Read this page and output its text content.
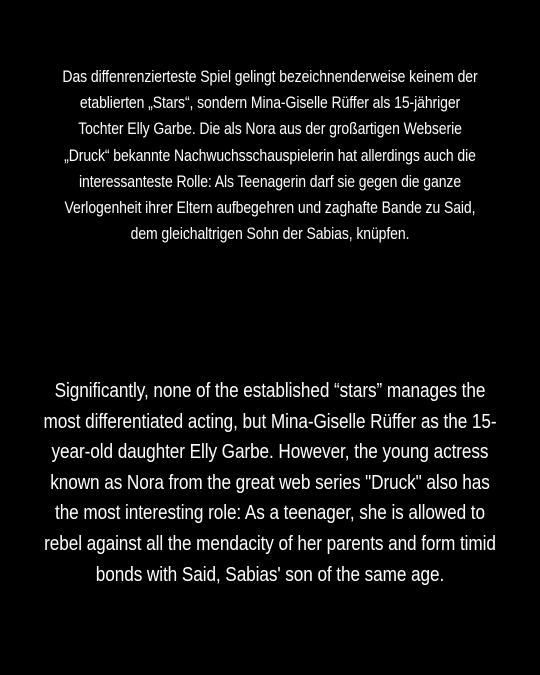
Das diffenrenzierteste Spiel gelingt bezeichnenderweise keinem der
etablierten „Stars“, sondern Mina-Giselle Rüffer als 15-jähriger
Tochter Elly Garbe. Die als Nora aus der großartigen Webserie
„Druck“ bekannte Nachwuchsschauspielerin hat allerdings auch die
interessanteste Rolle: Als Teenagerin darf sie gegen die ganze
Verlogenheit ihrer Eltern aufbegehren und zaghafte Bande zu Said,
dem gleichaltrigen Sohn der Sabias, knüpfen.
Significantly, none of the established “stars” manages the
most differentiated acting, but Mina-Giselle Rüffer as the 15-
year-old daughter Elly Garbe. However, the young actress
known as Nora from the great web series "Druck" also has
the most interesting role: As a teenager, she is allowed to
rebel against all the mendacity of her parents and form timid
bonds with Said, Sabias' son of the same age.
